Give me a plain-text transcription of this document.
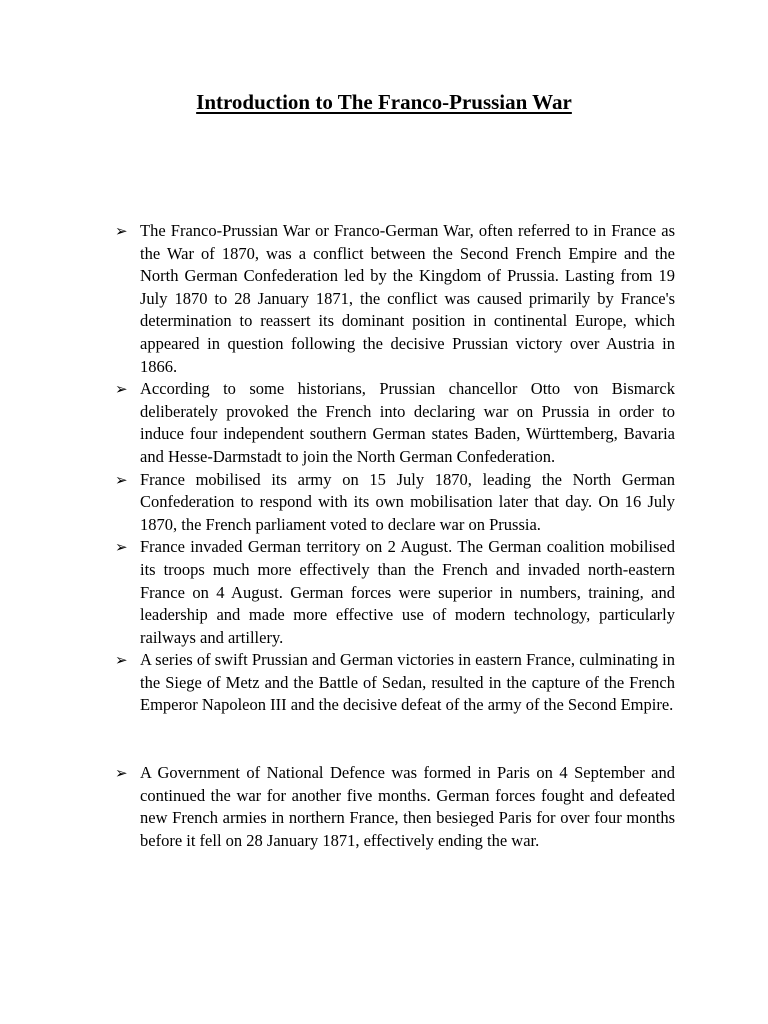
Introduction to The Franco-Prussian War
➢ The Franco-Prussian War or Franco-German War, often referred to in France as the War of 1870, was a conflict between the Second French Empire and the North German Confederation led by the Kingdom of Prussia. Lasting from 19 July 1870 to 28 January 1871, the conflict was caused primarily by France's determination to reassert its dominant position in continental Europe, which appeared in question following the decisive Prussian victory over Austria in 1866.
➢ According to some historians, Prussian chancellor Otto von Bismarck deliberately provoked the French into declaring war on Prussia in order to induce four independent southern German states Baden, Württemberg, Bavaria and Hesse-Darmstadt to join the North German Confederation.
➢ France mobilised its army on 15 July 1870, leading the North German Confederation to respond with its own mobilisation later that day. On 16 July 1870, the French parliament voted to declare war on Prussia.
➢ France invaded German territory on 2 August. The German coalition mobilised its troops much more effectively than the French and invaded north-eastern France on 4 August. German forces were superior in numbers, training, and leadership and made more effective use of modern technology, particularly railways and artillery.
➢ A series of swift Prussian and German victories in eastern France, culminating in the Siege of Metz and the Battle of Sedan, resulted in the capture of the French Emperor Napoleon III and the decisive defeat of the army of the Second Empire.
➢ A Government of National Defence was formed in Paris on 4 September and continued the war for another five months. German forces fought and defeated new French armies in northern France, then besieged Paris for over four months before it fell on 28 January 1871, effectively ending the war.
